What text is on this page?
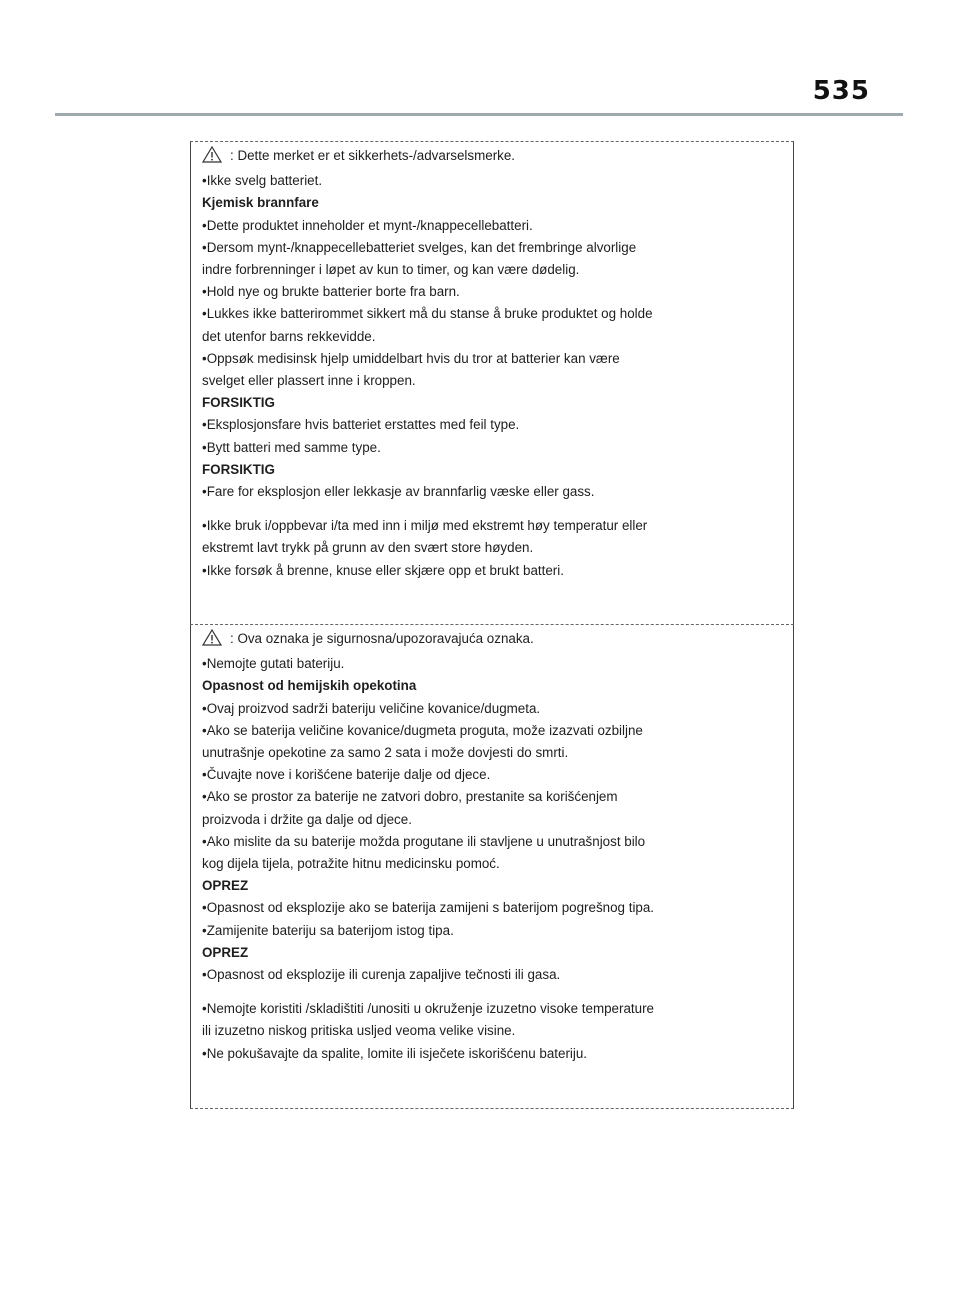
535
: Dette merket er et sikkerhets-/advarselsmerke.
•Ikke svelg batteriet.
Kjemisk brannfare
•Dette produktet inneholder et mynt-/knappecellebatteri.
•Dersom mynt-/knappecellebatteriet svelges, kan det frembringe alvorlige
indre forbrenninger i løpet av kun to timer, og kan være dødelig.
•Hold nye og brukte batterier borte fra barn.
•Lukkes ikke batterirommet sikkert må du stanse å bruke produktet og holde
det utenfor barns rekkevidde.
•Oppsøk medisinsk hjelp umiddelbart hvis du tror at batterier kan være
svelget eller plassert inne i kroppen.
FORSIKTIG
•Eksplosjonsfare hvis batteriet erstattes med feil type.
•Bytt batteri med samme type.
FORSIKTIG
•Fare for eksplosjon eller lekkasje av brannfarlig væske eller gass.
•Ikke bruk i/oppbevar i/ta med inn i miljø med ekstremt høy temperatur eller
ekstremt lavt trykk på grunn av den svært store høyden.
•Ikke forsøk å brenne, knuse eller skjære opp et brukt batteri.
: Ova oznaka je sigurnosna/upozoravajuća oznaka.
•Nemojte gutati bateriju.
Opasnost od hemijskih opekotina
•Ovaj proizvod sadrži bateriju veličine kovanice/dugmeta.
•Ako se baterija veličine kovanice/dugmeta proguta, može izazvati ozbiljne
unutrašnje opekotine za samo 2 sata i može dovjesti do smrti.
•Čuvajte nove i korišćene baterije dalje od djece.
•Ako se prostor za baterije ne zatvori dobro, prestanite sa korišćenjem
proizvoda i držite ga dalje od djece.
•Ako mislite da su baterije možda progutane ili stavljene u unutrašnjost bilo
kog dijela tijela, potražite hitnu medicinsku pomoć.
OPREZ
•Opasnost od eksplozije ako se baterija zamijeni s baterijom pogrešnog tipa.
•Zamijenite bateriju sa baterijom istog tipa.
OPREZ
•Opasnost od eksplozije ili curenja zapaljive tečnosti ili gasa.
•Nemojte koristiti /skladištiti /unositi u okruženje izuzetno visoke temperature
ili izuzetno niskog pritiska usljed veoma velike visine.
•Ne pokušavajte da spalite, lomite ili isječete iskorišćenu bateriju.
